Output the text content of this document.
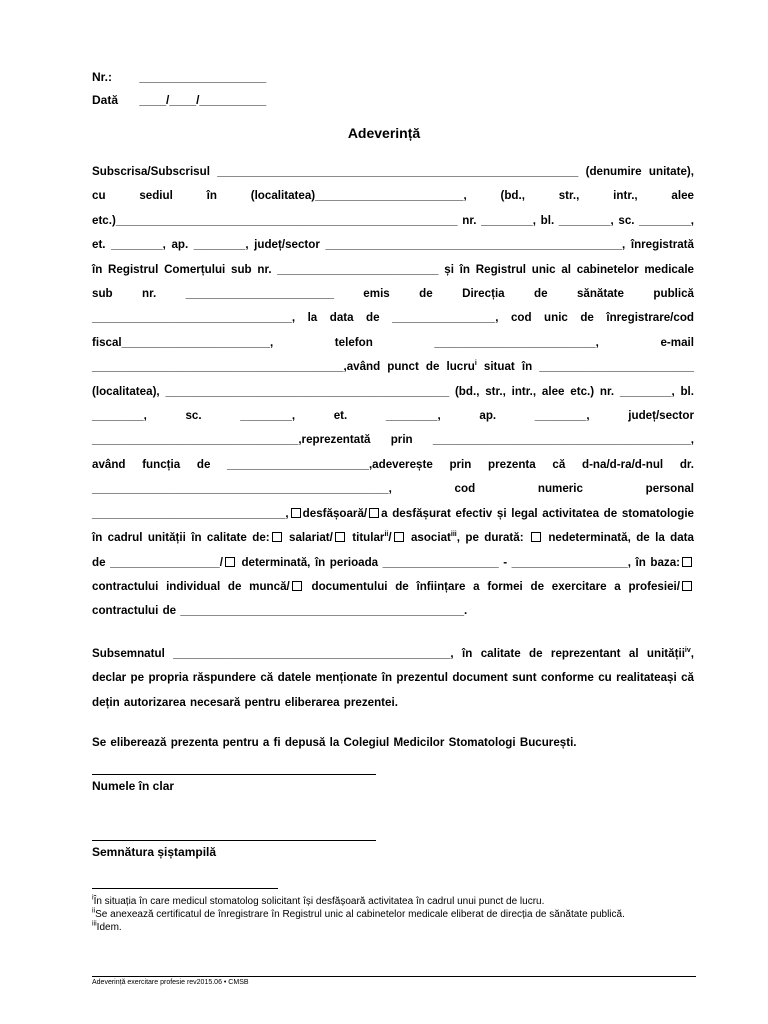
Nr.: ___________________
Dată ____/____/__________
Adeverință

Subscrisa/Subscrisul ________________________________________________________ (denumire unitate), cu sediul în (localitatea)_______________________, (bd., str., intr., alee etc.)_____________________________________________________ nr. ________, bl. ________, sc. ________, et. ________, ap. ________, județ/sector ______________________________________________, înregistrată în Registrul Comerțului sub nr. _________________________ și în Registrul unic al cabinetelor medicale sub nr. _______________________ emis de Direcția de sănătate publică _______________________________, la data de ________________, cod unic de înregistrare/cod fiscal_______________________, telefon _________________________, e-mail _______________________________________,având punct de lucru$^i$ situat în ________________________ (localitatea), ____________________________________________ (bd., str., intr., alee etc.) nr. ________, bl. ________, sc. ________, et. ________, ap. ________, județ/sector ________________________________,reprezentată prin ________________________________________, având funcția de ______________________,adeverește prin prezenta că d-na/d-ra/d-nul dr. ______________________________________________, cod numeric personal ______________________________, desfășoară/ a desfășurat efectiv și legal activitatea de stomatologie în cadrul unității în calitate de: salariat/ titular$^{ii}$/ asociat$^{iii}$, pe durată:  nedeterminată, de la data de _________________/ determinată, în perioada __________________ - __________________, în baza: contractului individual de muncă/ documentului de înființare a formei de exercitare a profesiei/ contractului de ____________________________________________.

Subsemnatul ___________________________________________, în calitate de reprezentant al unității$^{iv}$, declar pe propria răspundere că datele menționate în prezentul document sunt conforme cu realitateași că dețin autorizarea necesară pentru eliberarea prezentei.

Se eliberează prezenta pentru a fi depusă la Colegiul Medicilor Stomatologi București.

Numele în clar
Semnătura șiștampilă
$^i$În situația în care medicul stomatolog solicitant își desfășoară activitatea în cadrul unui punct de lucru.
$^{ii}$Se anexează certificatul de înregistrare în Registrul unic al cabinetelor medicale eliberat de direcția de sănătate publică.
$^{iii}$Idem.
Adeverință exercitare profesie rev2015.06 • CMSB
